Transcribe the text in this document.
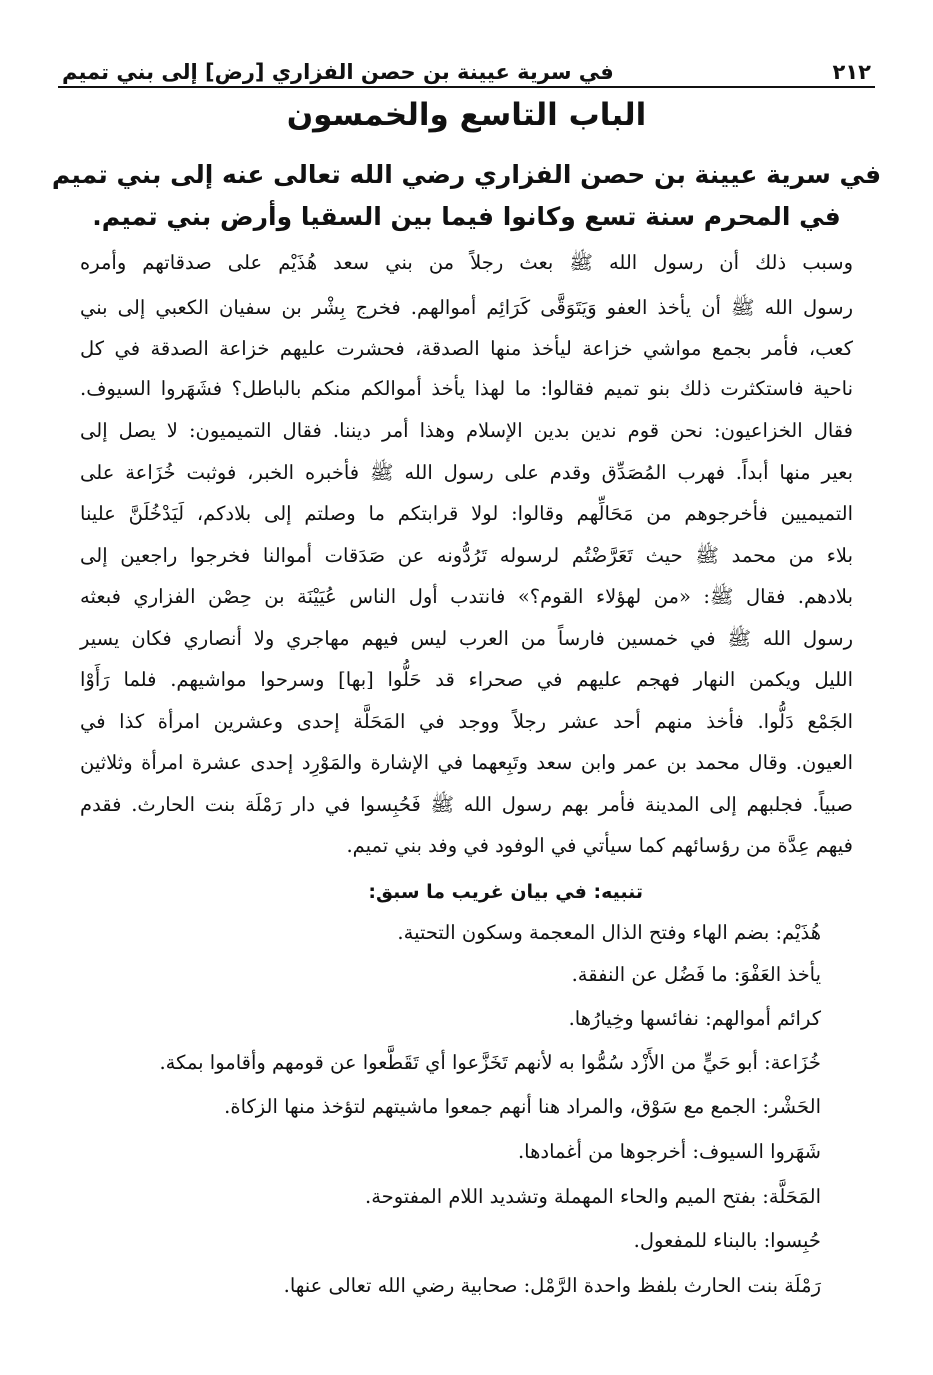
٢١٢
في سرية عيينة بن حصن الفزاري [رض] إلى بني تميم
الباب التاسع والخمسون
في سرية عيينة بن حصن الفزاري رضي الله تعالى عنه إلى بني تميم
في المحرم سنة تسع وكانوا فيما بين السقيا وأرض بني تميم.
وسبب ذلك أن رسول الله ﷺ بعث رجلاً من بني سعد هُذَيْم على صدقاتهم وأمره
رسول الله ﷺ أن يأخذ العفو وَيَتَوَقَّى كَرَائِم أموالهم. فخرج بِشْر بن سفيان الكعبي إلى بني
كعب، فأمر بجمع مواشي خزاعة ليأخذ منها الصدقة، فحشرت عليهم خزاعة الصدقة في كل
ناحية فاستكثرت ذلك بنو تميم فقالوا: ما لهذا يأخذ أموالكم منكم بالباطل؟ فشَهَروا السيوف.
فقال الخزاعيون: نحن قوم ندين بدين الإسلام وهذا أمر ديننا. فقال التميميون: لا يصل إلى
بعير منها أبداً. فهرب المُصَدِّق وقدم على رسول الله ﷺ فأخبره الخبر، فوثبت خُزَاعة على
التميميين فأخرجوهم من مَحَالِّهم وقالوا: لولا قرابتكم ما وصلتم إلى بلادكم، لَيَدْخُلَنَّ علينا
بلاء من محمد ﷺ حيث تَعَرَّضْتُم لرسوله تَرُدُّونه عن صَدَقات أموالنا فخرجوا راجعين إلى
بلادهم. فقال ﷺ: «من لهؤلاء القوم؟» فانتدب أول الناس عُيَيْنَة بن حِصْن الفزاري فبعثه
رسول الله ﷺ في خمسين فارساً من العرب ليس فيهم مهاجري ولا أنصاري فكان يسير
الليل ويكمن النهار فهجم عليهم في صحراء قد حَلُّوا [بها] وسرحوا مواشيهم. فلما رَأَوْا
الجَمْع دَلُّوا. فأخذ منهم أحد عشر رجلاً ووجد في المَحَلَّة إحدى وعشرين امرأة كذا في
العيون. وقال محمد بن عمر وابن سعد وتَبِعهما في الإشارة والمَوْرِد إحدى عشرة امرأة وثلاثين
صبياً. فجلبهم إلى المدينة فأمر بهم رسول الله ﷺ فَحُبِسوا في دار رَمْلَة بنت الحارث. فقدم
فيهم عِدَّة من رؤسائهم كما سيأتي في الوفود في وفد بني تميم.
تنبيه: في بيان غريب ما سبق:
هُذَيْم: بضم الهاء وفتح الذال المعجمة وسكون التحتية.
يأخذ العَفْوَ: ما فَضُل عن النفقة.
كرائم أموالهم: نفائسها وخِيارُها.
خُزَاعة: أبو حَيٍّ من الأَزْد سُمُّوا به لأنهم تَخَزَّعوا أي تَقَطَّعوا عن قومهم وأقاموا بمكة.
الحَشْر: الجمع مع سَوْق، والمراد هنا أنهم جمعوا ماشيتهم لتؤخذ منها الزكاة.
شَهَروا السيوف: أخرجوها من أغمادها.
المَحَلَّة: بفتح الميم والحاء المهملة وتشديد اللام المفتوحة.
حُبِسوا: بالبناء للمفعول.
رَمْلَة بنت الحارث بلفظ واحدة الرَّمْل: صحابية رضي الله تعالى عنها.
